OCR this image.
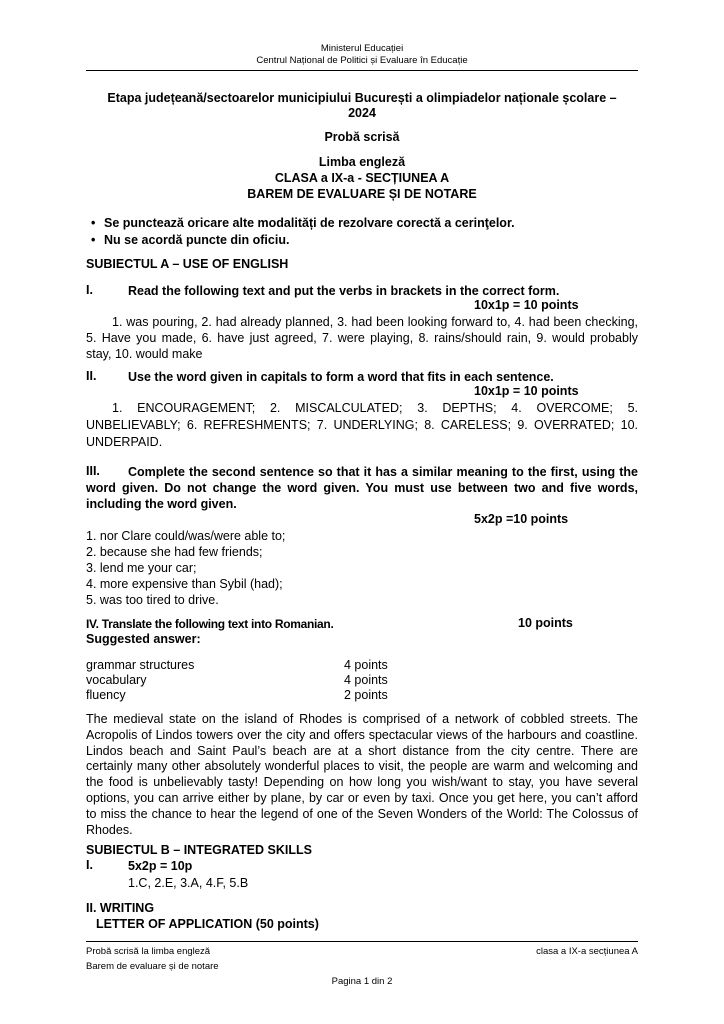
Ministerul Educației
Centrul Național de Politici și Evaluare în Educație
Etapa județeană/sectoarelor municipiului București a olimpiadelor naționale școlare –
2024
Probă scrisă
Limba engleză
CLASA a IX-a - SECȚIUNEA A
BAREM DE EVALUARE ȘI DE NOTARE
• Se punctează oricare alte modalități de rezolvare corectă a cerinţelor.
• Nu se acordă puncte din oficiu.
SUBIECTUL A – USE OF ENGLISH
I.	Read the following text and put the verbs in brackets in the correct form.
10x1p = 10 points
1. was pouring, 2. had already planned, 3. had been looking forward to, 4. had been checking, 5. Have you made, 6. have just agreed, 7. were playing, 8. rains/should rain, 9. would probably stay, 10. would make
II.	Use the word given in capitals to form a word that fits in each sentence.
10x1p = 10 points
1. ENCOURAGEMENT; 2. MISCALCULATED; 3. DEPTHS; 4. OVERCOME; 5. UNBELIEVABLY; 6. REFRESHMENTS; 7. UNDERLYING; 8. CARELESS; 9. OVERRATED; 10. UNDERPAID.
III.	Complete the second sentence so that it has a similar meaning to the first, using the word given. Do not change the word given. You must use between two and five words, including the word given.
5x2p =10 points
1. nor Clare could/was/were able to;
2. because she had few friends;
3. lend me your car;
4. more expensive than Sybil (had);
5. was too tired to drive.
IV. Translate the following text into Romanian.	10 points
Suggested answer:
grammar structures	4 points
vocabulary	4 points
fluency	2 points
The medieval state on the island of Rhodes is comprised of a network of cobbled streets. The Acropolis of Lindos towers over the city and offers spectacular views of the harbours and coastline. Lindos beach and Saint Paul’s beach are at a short distance from the city centre. There are certainly many other absolutely wonderful places to visit, the people are warm and welcoming and the food is unbelievably tasty! Depending on how long you wish/want to stay, you have several options, you can arrive either by plane, by car or even by taxi. Once you get here, you can’t afford to miss the chance to hear the legend of one of the Seven Wonders of the World: The Colossus of Rhodes.
SUBIECTUL B – INTEGRATED SKILLS
I.	5x2p = 10p
1.C, 2.E, 3.A, 4.F, 5.B
II. WRITING
LETTER OF APPLICATION (50 points)
Probă scrisă la limba engleză
Barem de evaluare și de notare
clasa a IX-a secțiunea A
Pagina 1 din 2
